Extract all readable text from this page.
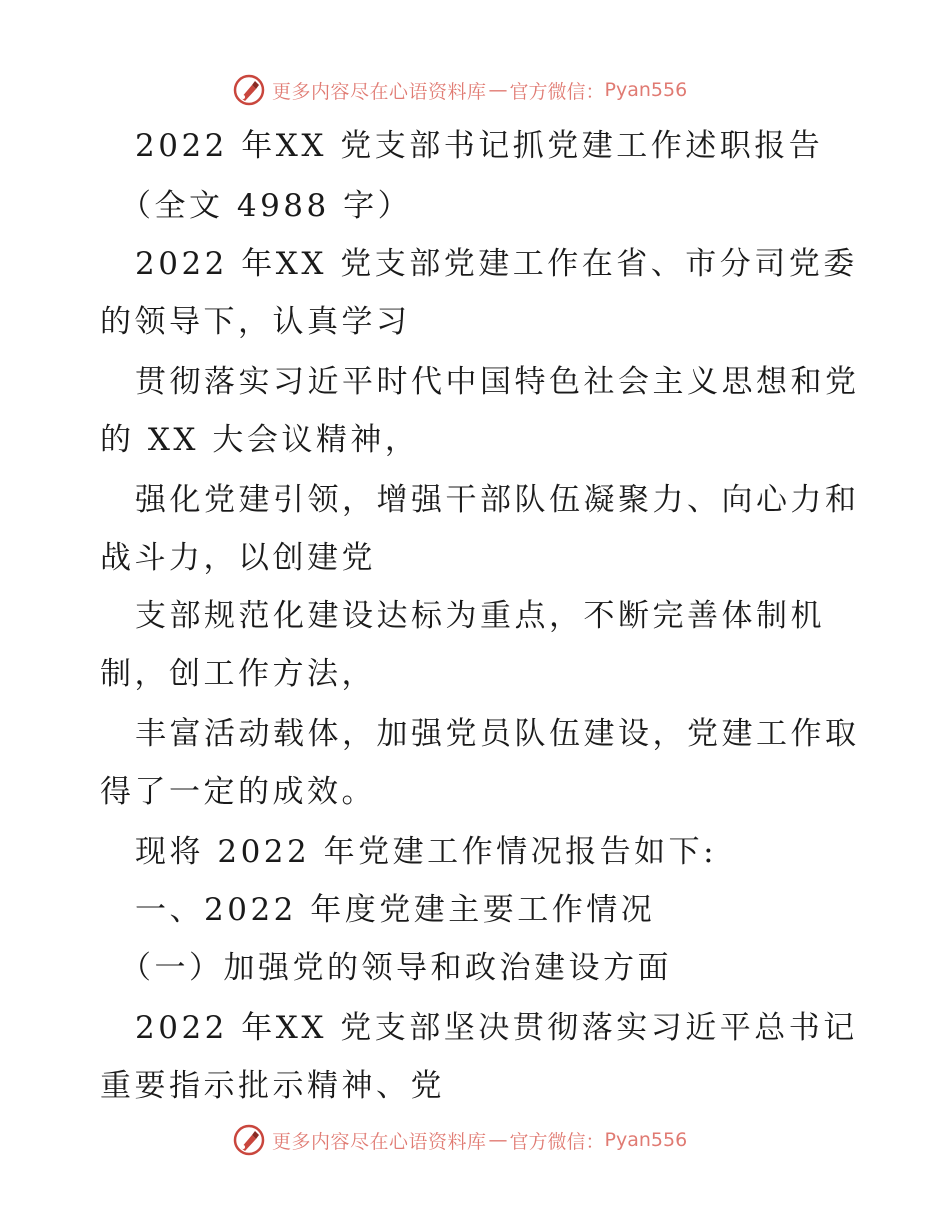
更多内容尽在心语资料库 — 官方微信： Pyan556
2022 年XX 党支部书记抓党建工作述职报告
（全文 4988 字）
2022 年XX 党支部党建工作在省、市分司党委
的领导下，认真学习
贯彻落实习近平时代中国特色社会主义思想和党
的 XX 大会议精神，
强化党建引领，增强干部队伍凝聚力、向心力和
战斗力，以创建党
支部规范化建设达标为重点，不断完善体制机
制，创工作方法，
丰富活动载体，加强党员队伍建设，党建工作取
得了一定的成效。
现将 2022 年党建工作情况报告如下:
一、2022 年度党建主要工作情况
（一）加强党的领导和政治建设方面
2022 年XX 党支部坚决贯彻落实习近平总书记
重要指示批示精神、党
更多内容尽在心语资料库 — 官方微信： Pyan556
